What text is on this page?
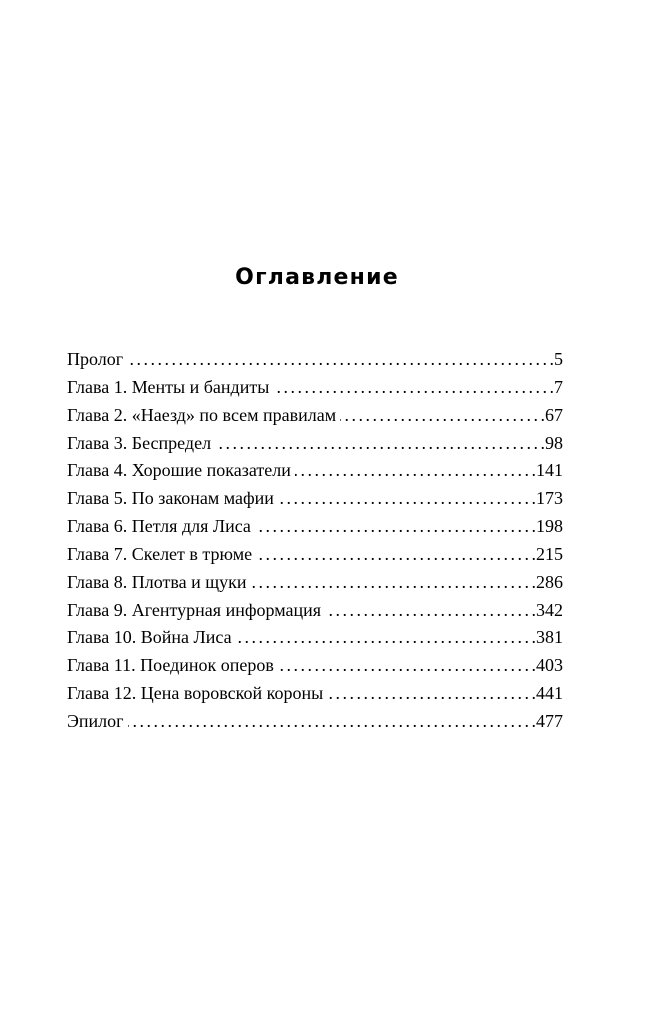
Оглавление
Пролог . . .	5
Глава 1. Менты и бандиты . . .	7
Глава 2. «Наезд» по всем правилам . . .	67
Глава 3. Беспредел . . .	98
Глава 4. Хорошие показатели . . .	141
Глава 5. По законам мафии . . .	173
Глава 6. Петля для Лиса . . .	198
Глава 7. Скелет в трюме . . .	215
Глава 8. Плотва и щуки . . .	286
Глава 9. Агентурная информация . . .	342
Глава 10. Война Лиса . . .	381
Глава 11. Поединок оперов . . .	403
Глава 12. Цена воровской короны . . .	441
Эпилог . . .	477
